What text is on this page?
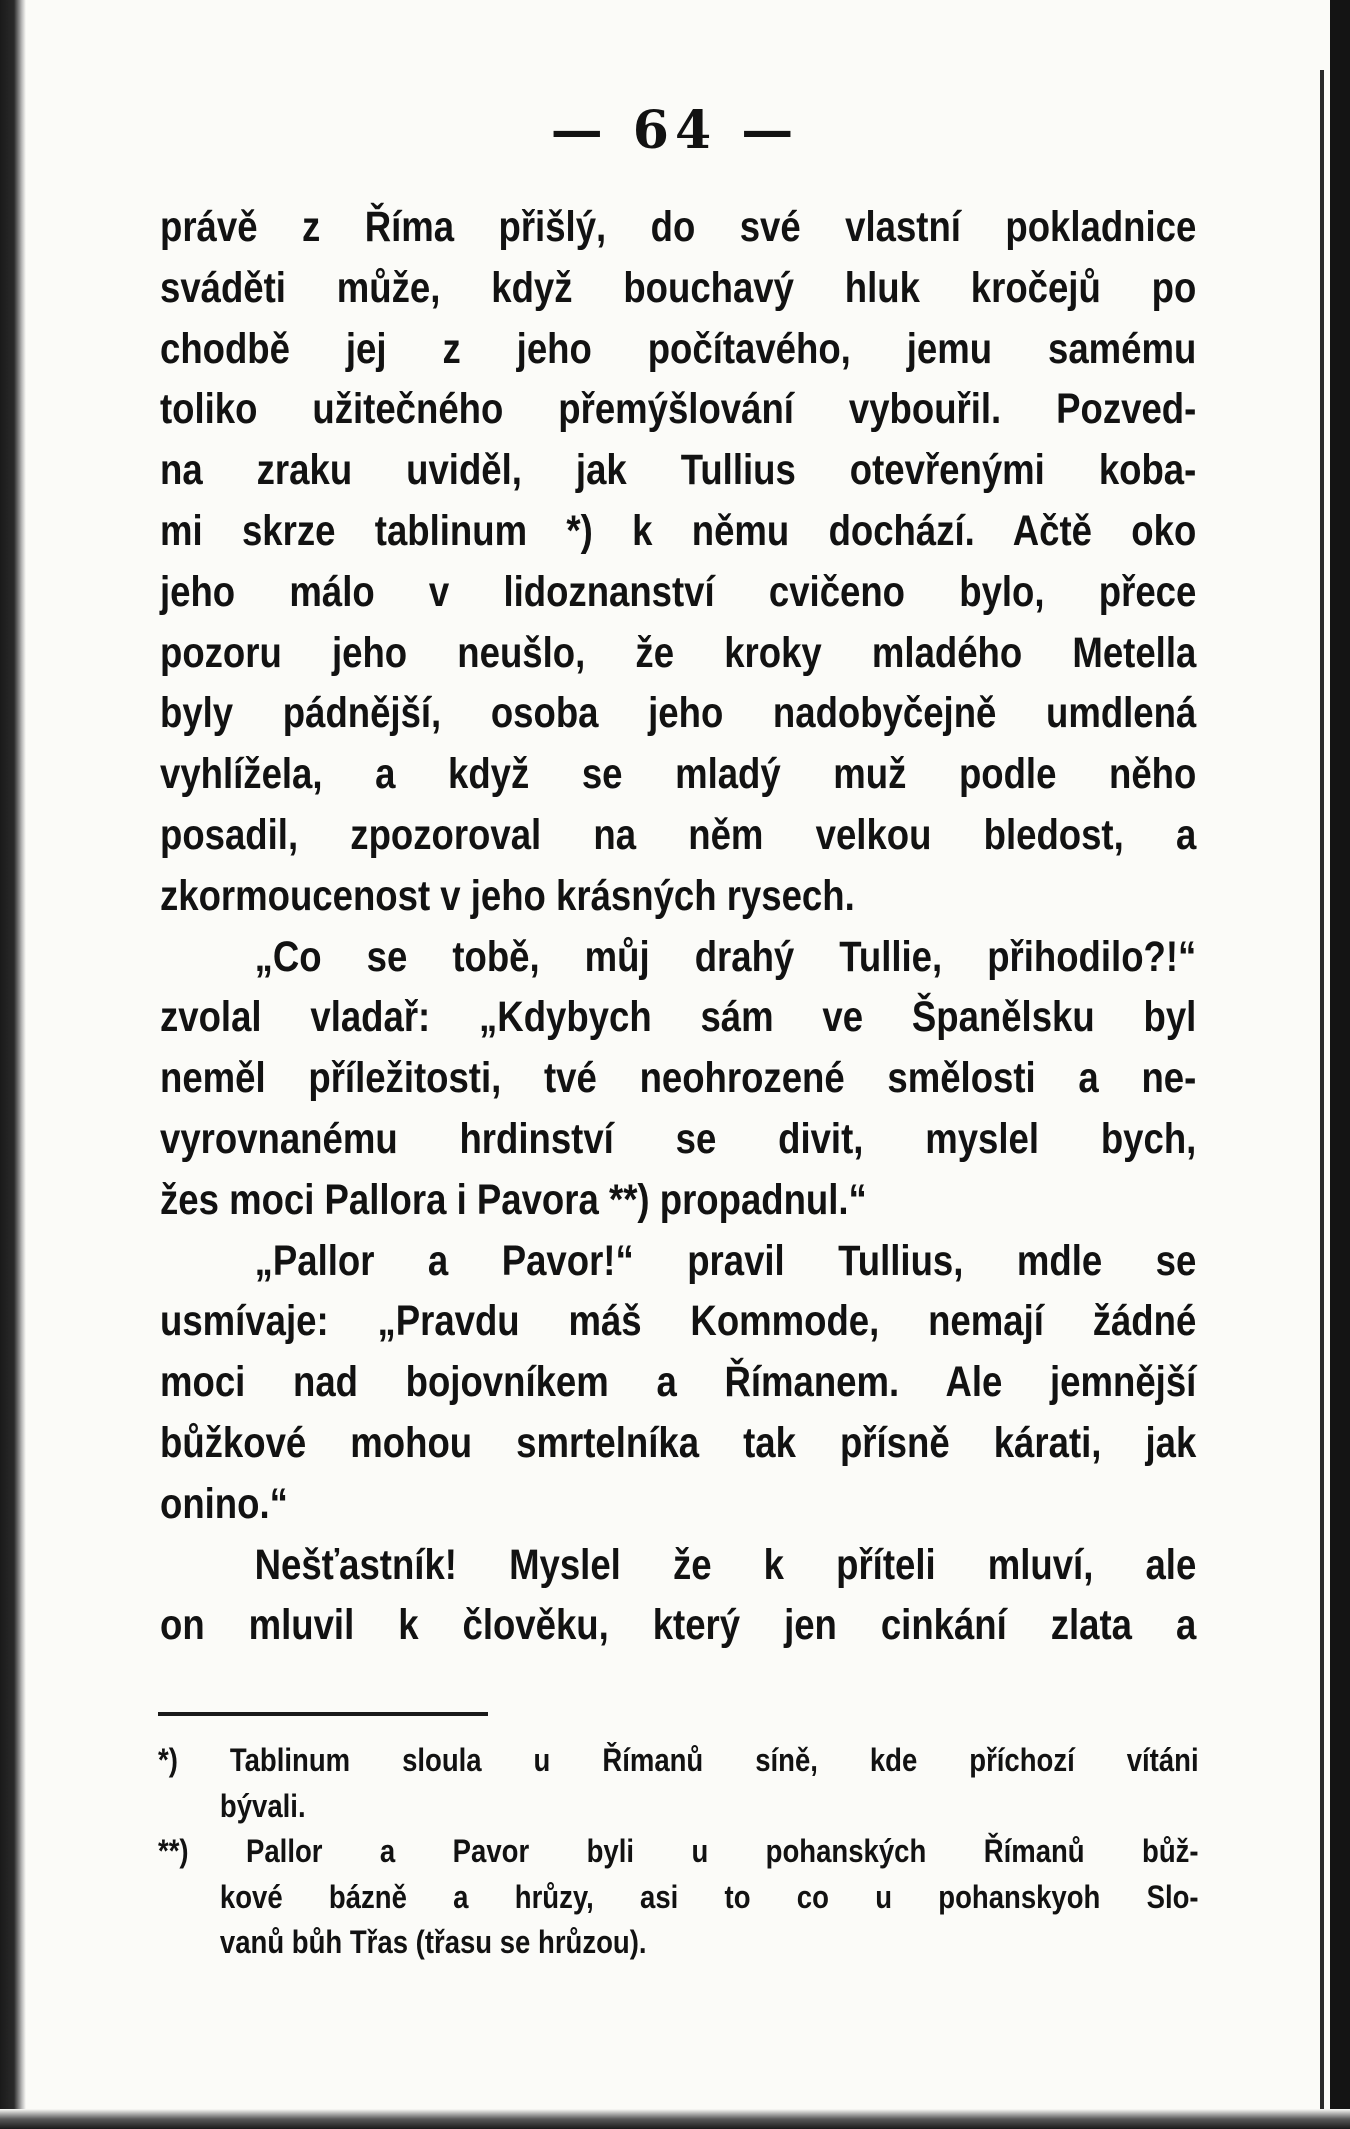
— 64 —
právě z Říma přišlý, do své vlastní pokladnice
sváděti může, když bouchavý hluk kročejů po
chodbě jej z jeho počítavého, jemu samému
toliko užitečného přemýšlování vybouřil. Pozved-
na zraku uviděl, jak Tullius otevřenými koba-
mi skrze tablinum *) k němu dochází. Ačtě oko
jeho málo v lidoznanství cvičeno bylo, přece
pozoru jeho neušlo, že kroky mladého Metella
byly pádnější, osoba jeho nadobyčejně umdlená
vyhlížela, a když se mladý muž podle něho
posadil, zpozoroval na něm velkou bledost, a
zkormoucenost v jeho krásných rysech.
„Co se tobě, můj drahý Tullie, přihodilo?!“
zvolal vladař: „Kdybych sám ve Španělsku byl
neměl příležitosti, tvé neohrozené smělosti a ne-
vyrovnanému hrdinství se divit, myslel bych,
žes moci Pallora i Pavora **) propadnul.“
„Pallor a Pavor!“ pravil Tullius, mdle se
usmívaje: „Pravdu máš Kommode, nemají žádné
moci nad bojovníkem a Římanem. Ale jemnější
bůžkové mohou smrtelníka tak přísně kárati, jak
onino.“
Nešťastník! Myslel že k příteli mluví, ale
on mluvil k člověku, který jen cinkání zlata a
*) Tablinum sloula u Římanů síně, kde příchozí vítáni
bývali.
**) Pallor a Pavor byli u pohanských Římanů bůž-
kové bázně a hrůzy, asi to co u pohanskyoh Slo-
vanů bůh Třas (třasu se hrůzou).
